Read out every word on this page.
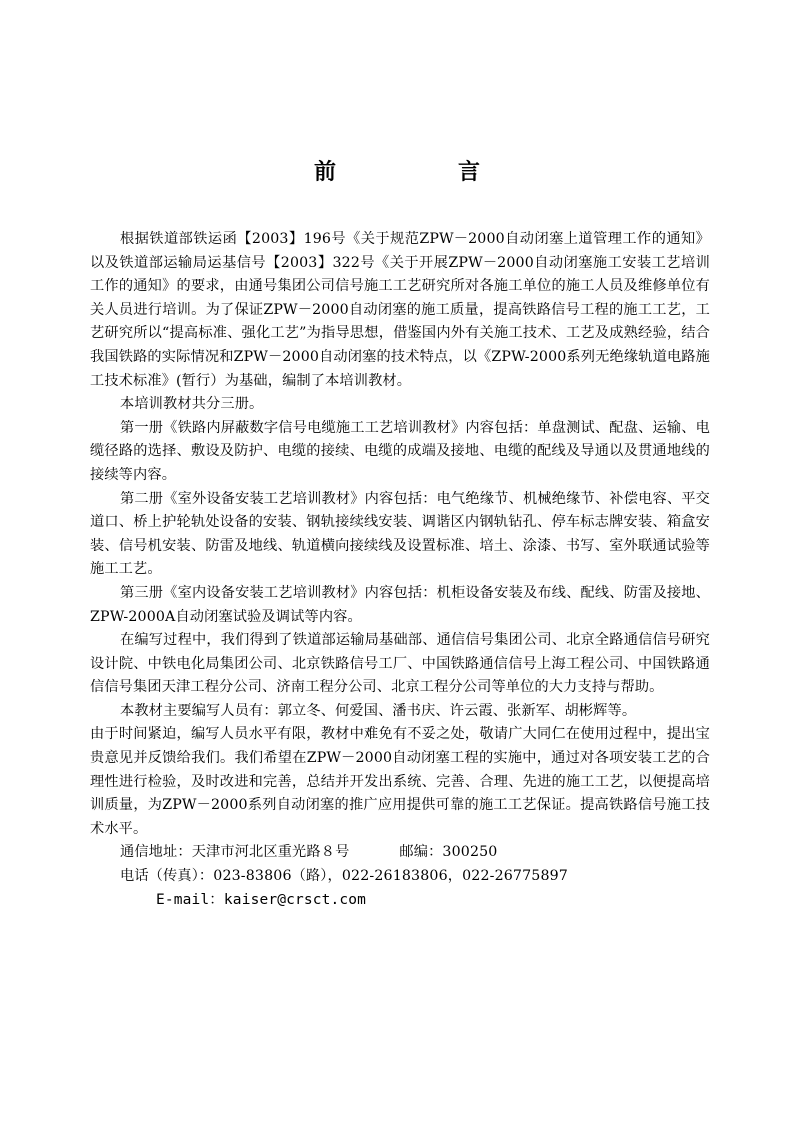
前　言

根据铁道部铁运函【2003】196号《关于规范ZPW－2000自动闭塞上道管理工作的通知》以及铁道部运输局运基信号【2003】322号《关于开展ZPW－2000自动闭塞施工安装工艺培训工作的通知》的要求，由通号集团公司信号施工工艺研究所对各施工单位的施工人员及维修单位有关人员进行培训。为了保证ZPW－2000自动闭塞的施工质量，提高铁路信号工程的施工工艺，工艺研究所以“提高标准、强化工艺”为指导思想，借鉴国内外有关施工技术、工艺及成熟经验，结合我国铁路的实际情况和ZPW－2000自动闭塞的技术特点，以《ZPW-2000系列无绝缘轨道电路施工技术标准》(暂行）为基础，编制了本培训教材。

本培训教材共分三册。

第一册《铁路内屏蔽数字信号电缆施工工艺培训教材》内容包括：单盘测试、配盘、运输、电缆径路的选择、敷设及防护、电缆的接续、电缆的成端及接地、电缆的配线及导通以及贯通地线的接续等内容。

第二册《室外设备安装工艺培训教材》内容包括：电气绝缘节、机械绝缘节、补偿电容、平交道口、桥上护轮轨处设备的安装、钢轨接续线安装、调谐区内钢轨钻孔、停车标志牌安装、箱盒安装、信号机安装、防雷及地线、轨道横向接续线及设置标准、培土、涂漆、书写、室外联通试验等施工工艺。

第三册《室内设备安装工艺培训教材》内容包括：机柜设备安装及布线、配线、防雷及接地、ZPW-2000A自动闭塞试验及调试等内容。

在编写过程中，我们得到了铁道部运输局基础部、通信信号集团公司、北京全路通信信号研究设计院、中铁电化局集团公司、北京铁路信号工厂、中国铁路通信信号上海工程公司、中国铁路通信信号集团天津工程分公司、济南工程分公司、北京工程分公司等单位的大力支持与帮助。

本教材主要编写人员有：郭立冬、何爱国、潘书庆、许云霞、张新军、胡彬辉等。

由于时间紧迫，编写人员水平有限，教材中难免有不妥之处，敬请广大同仁在使用过程中，提出宝贵意见并反馈给我们。我们希望在ZPW－2000自动闭塞工程的实施中，通过对各项安装工艺的合理性进行检验，及时改进和完善，总结并开发出系统、完善、合理、先进的施工工艺，以便提高培训质量，为ZPW－2000系列自动闭塞的推广应用提供可靠的施工工艺保证。提高铁路信号施工技术水平。

通信地址：天津市河北区重光路８号	邮编：300250
电话（传真）：023-83806（路），022-26183806，022-26775897
E-mail：kaiser@crsct.com
